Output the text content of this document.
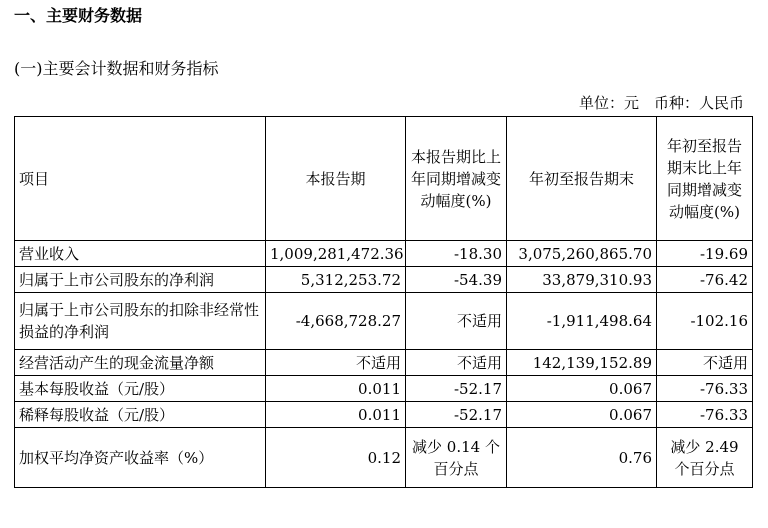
一、主要财务数据
(一)主要会计数据和财务指标
单位：元　币种：人民币
项目	本报告期	本报告期比上年同期增减变动幅度(%)	年初至报告期末	年初至报告期末比上年同期增减变动幅度(%)
营业收入	1,009,281,472.36	-18.30	3,075,260,865.70	-19.69
归属于上市公司股东的净利润	5,312,253.72	-54.39	33,879,310.93	-76.42
归属于上市公司股东的扣除非经常性损益的净利润	-4,668,728.27	不适用	-1,911,498.64	-102.16
经营活动产生的现金流量净额	不适用	不适用	142,139,152.89	不适用
基本每股收益（元/股）	0.011	-52.17	0.067	-76.33
稀释每股收益（元/股）	0.011	-52.17	0.067	-76.33
加权平均净资产收益率（%）	0.12	减少 0.14 个百分点	0.76	减少 2.49 个百分点
